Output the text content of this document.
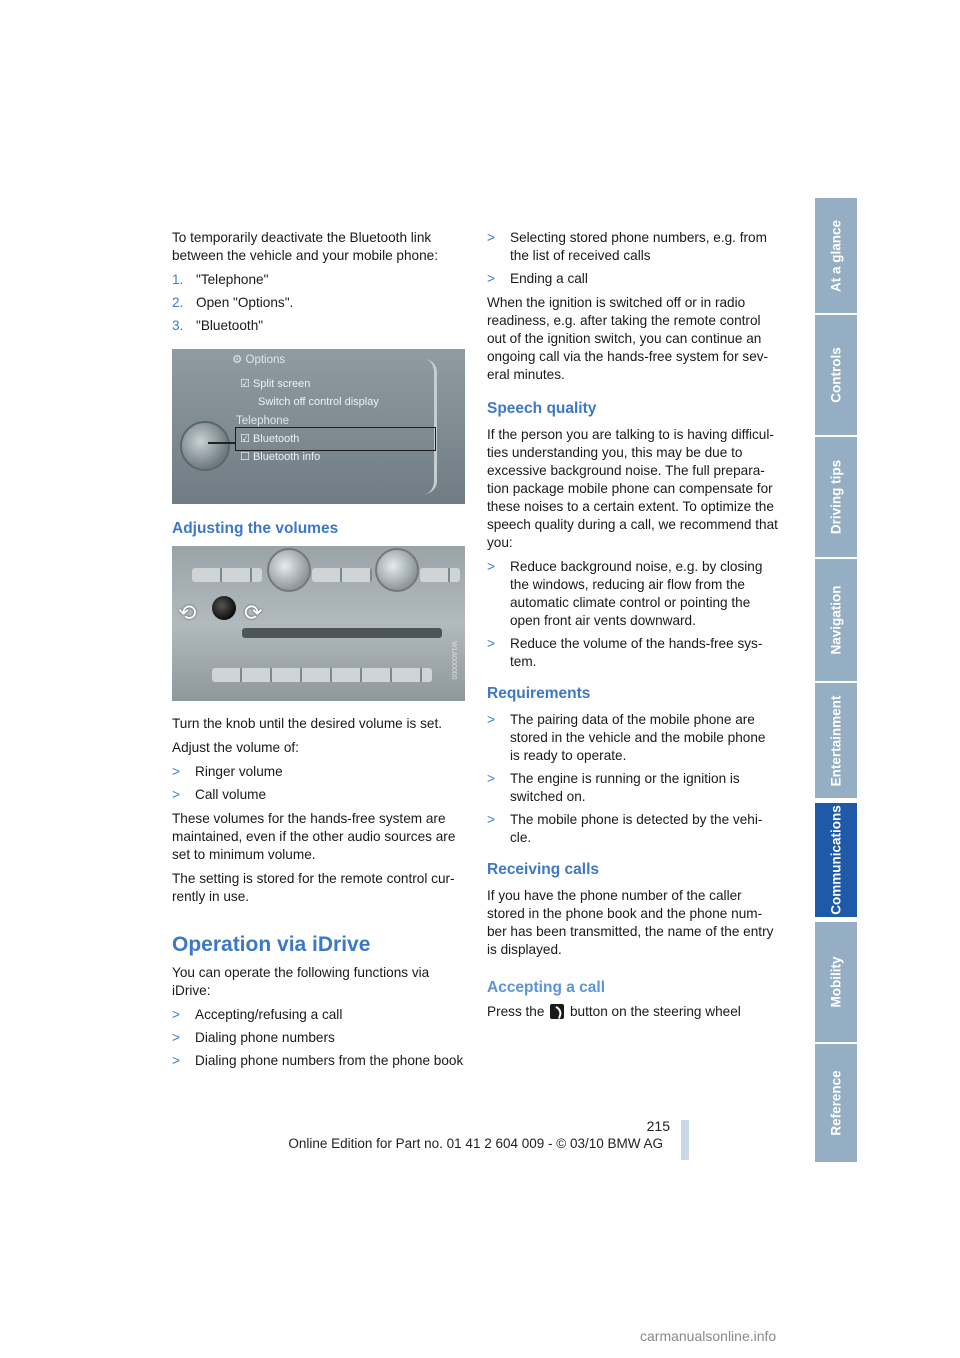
To temporarily deactivate the Bluetooth link between the vehicle and your mobile phone:

1. "Telephone"
2. Open "Options".
3. "Bluetooth"
⚙ Options
☑ Split screen
Switch off control display
Telephone
☑ Bluetooth
☐ Bluetooth info
Adjusting the volumes
⟲ ⟳
W1A000000

Turn the knob until the desired volume is set.

Adjust the volume of:

>	Ringer volume
>	Call volume

These volumes for the hands-free system are maintained, even if the other audio sources are set to minimum volume.

The setting is stored for the remote control cur-rently in use.

Operation via iDrive

You can operate the following functions via iDrive:

>	Accepting/refusing a call
>	Dialing phone numbers
>	Dialing phone numbers from the phone book
>	Selecting stored phone numbers, e.g. from the list of received calls
>	Ending a call

When the ignition is switched off or in radio readiness, e.g. after taking the remote control out of the ignition switch, you can continue an ongoing call via the hands-free system for sev-eral minutes.

Speech quality

If the person you are talking to is having difficul-ties understanding you, this may be due to excessive background noise. The full prepara-tion package mobile phone can compensate for these noises to a certain extent. To optimize the speech quality during a call, we recommend that you:

>	Reduce background noise, e.g. by closing the windows, reducing air flow from the automatic climate control or pointing the open front air vents downward.
>	Reduce the volume of the hands-free sys-tem.
Requirements
>	The pairing data of the mobile phone are stored in the vehicle and the mobile phone is ready to operate.
>	The engine is running or the ignition is switched on.
>	The mobile phone is detected by the vehi-cle.
Receiving calls

If you have the phone number of the caller stored in the phone book and the phone num-ber has been transmitted, the name of the entry is displayed.

Accepting a call

Press the button on the steering wheel

At a glance
Controls
Driving tips
Navigation
Entertainment
Communications
Mobility
Reference
215
Online Edition for Part no. 01 41 2 604 009 - © 03/10 BMW AG
carmanualsonline.info
